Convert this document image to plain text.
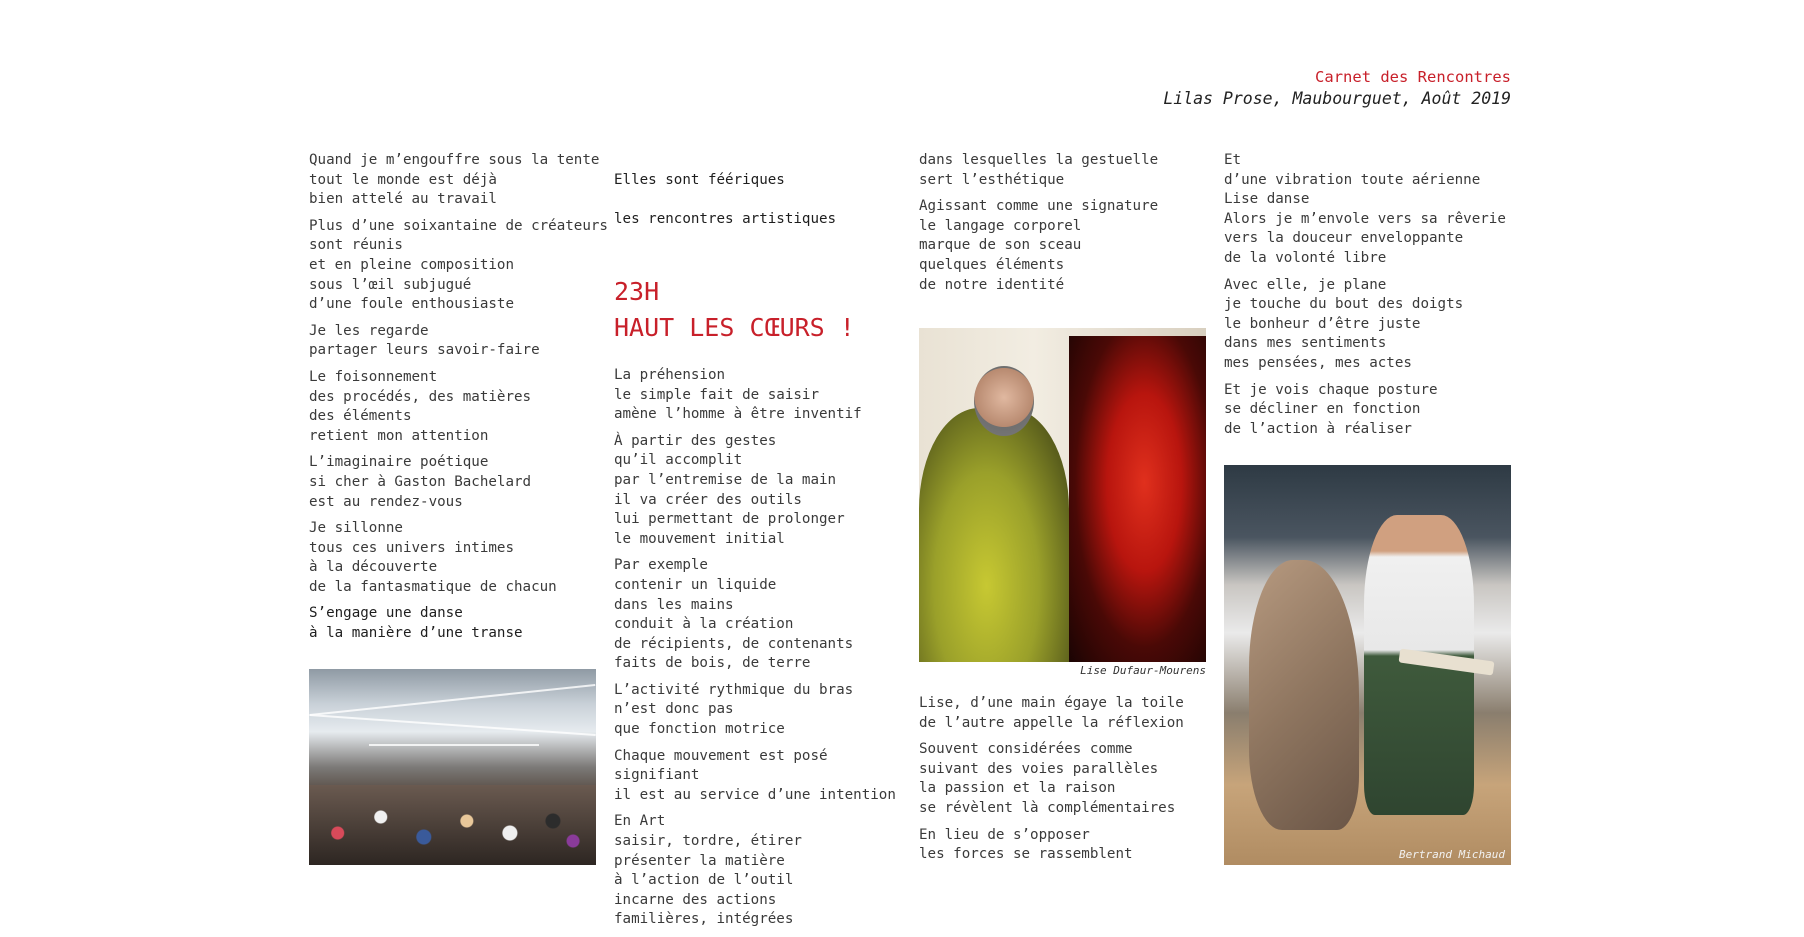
Carnet des Rencontres
Lilas Prose, Maubourguet, Août 2019
Quand je m’engouffre sous la tente
tout le monde est déjà
bien attelé au travail
Plus d’une soixantaine de créateurs
sont réunis
et en pleine composition
sous l’œil subjugué
d’une foule enthousiaste
Je les regarde
partager leurs savoir-faire
Le foisonnement
des procédés, des matières
des éléments
retient mon attention
L’imaginaire poétique
si cher à Gaston Bachelard
est au rendez-vous
Je sillonne
tous ces univers intimes
à la découverte
de la fantasmatique de chacun
S’engage une danse
à la manière d’une transe

Elles sont féériques

les rencontres artistiques

23H
HAUT LES CŒURS !
La préhension
le simple fait de saisir
amène l’homme à être inventif
À partir des gestes
qu’il accomplit
par l’entremise de la main
il va créer des outils
lui permettant de prolonger
le mouvement initial
Par exemple
contenir un liquide
dans les mains
conduit à la création
de récipients, de contenants
faits de bois, de terre
L’activité rythmique du bras
n’est donc pas
que fonction motrice
Chaque mouvement est posé
signifiant
il est au service d’une intention
En Art
saisir, tordre, étirer
présenter la matière
à l’action de l’outil
incarne des actions
familières, intégrées
dans lesquelles la gestuelle
sert l’esthétique
Agissant comme une signature
le langage corporel
marque de son sceau
quelques éléments
de notre identité
Lise, d’une main égaye la toile
de l’autre appelle la réflexion
Souvent considérées comme
suivant des voies parallèles
la passion et la raison
se révèlent là complémentaires
En lieu de s’opposer
les forces se rassemblent
Et
d’une vibration toute aérienne
Lise danse
Alors je m’envole vers sa rêverie
vers la douceur enveloppante
de la volonté libre
Avec elle, je plane
je touche du bout des doigts
le bonheur d’être juste
dans mes sentiments
mes pensées, mes actes
Et je vois chaque posture
se décliner en fonction
de l’action à réaliser
Lise Dufaur-Mourens
Bertrand Michaud
